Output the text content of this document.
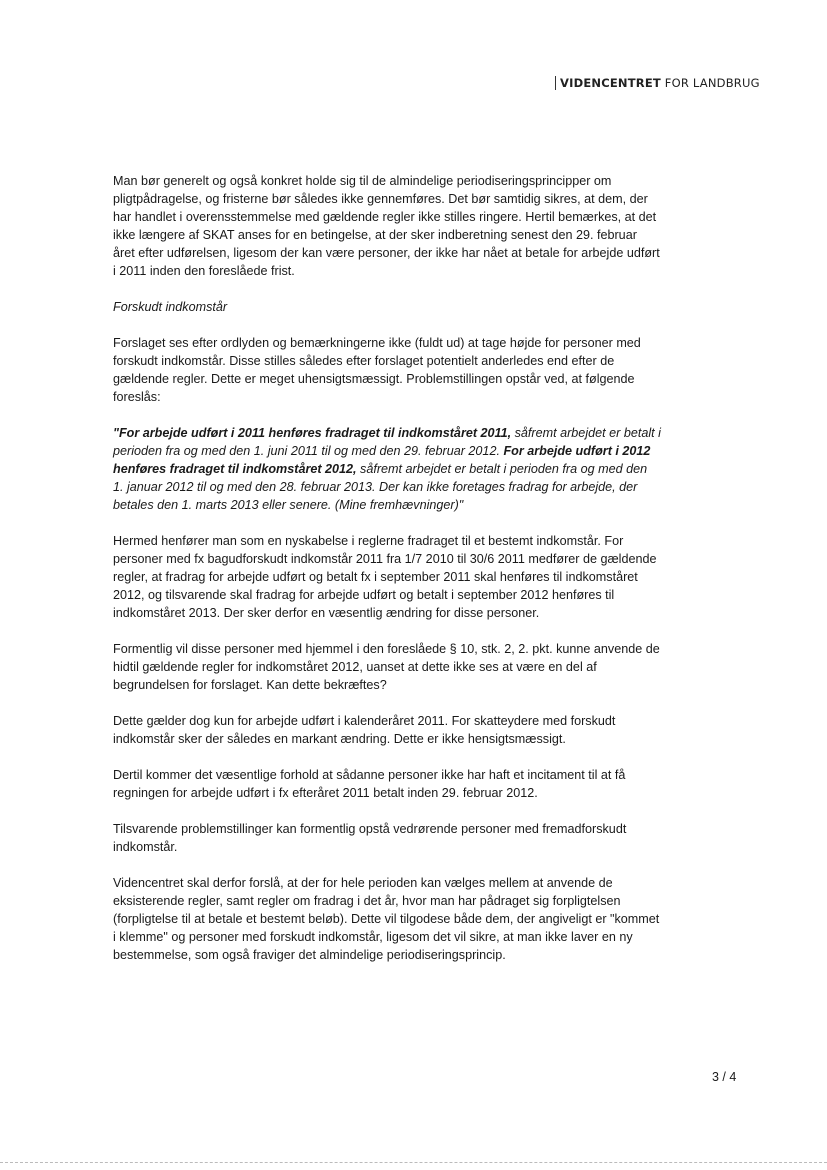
VIDENCENTRET FOR LANDBRUG

Man bør generelt og også konkret holde sig til de almindelige periodiseringsprincipper om pligtpådragelse, og fristerne bør således ikke gennemføres. Det bør samtidig sikres, at dem, der har handlet i overensstemmelse med gældende regler ikke stilles ringere. Hertil bemærkes, at det ikke længere af SKAT anses for en betingelse, at der sker indberetning senest den 29. februar året efter udførelsen, ligesom der kan være personer, der ikke har nået at betale for arbejde udført i 2011 inden den foreslåede frist.

Forskudt indkomstår

Forslaget ses efter ordlyden og bemærkningerne ikke (fuldt ud) at tage højde for personer med forskudt indkomstår. Disse stilles således efter forslaget potentielt anderledes end efter de gældende regler. Dette er meget uhensigtsmæssigt. Problemstillingen opstår ved, at følgende foreslås:

"For arbejde udført i 2011 henføres fradraget til indkomståret 2011, såfremt arbejdet er betalt i perioden fra og med den 1. juni 2011 til og med den 29. februar 2012. For arbejde udført i 2012 henføres fradraget til indkomståret 2012, såfremt arbejdet er betalt i perioden fra og med den 1. januar 2012 til og med den 28. februar 2013. Der kan ikke foretages fradrag for arbejde, der betales den 1. marts 2013 eller senere. (Mine fremhævninger)"

Hermed henfører man som en nyskabelse i reglerne fradraget til et bestemt indkomstår. For personer med fx bagudforskudt indkomstår 2011 fra 1/7 2010 til 30/6 2011 medfører de gældende regler, at fradrag for arbejde udført og betalt fx i september 2011 skal henføres til indkomståret 2012, og tilsvarende skal fradrag for arbejde udført og betalt i september 2012 henføres til indkomståret 2013. Der sker derfor en væsentlig ændring for disse personer.

Formentlig vil disse personer med hjemmel i den foreslåede § 10, stk. 2, 2. pkt. kunne anvende de hidtil gældende regler for indkomståret 2012, uanset at dette ikke ses at være en del af begrundelsen for forslaget. Kan dette bekræftes?

Dette gælder dog kun for arbejde udført i kalenderåret 2011. For skatteydere med forskudt indkomstår sker der således en markant ændring. Dette er ikke hensigtsmæssigt.

Dertil kommer det væsentlige forhold at sådanne personer ikke har haft et incitament til at få regningen for arbejde udført i fx efteråret 2011 betalt inden 29. februar 2012.

Tilsvarende problemstillinger kan formentlig opstå vedrørende personer med fremadforskudt indkomstår.

Videncentret skal derfor forslå, at der for hele perioden kan vælges mellem at anvende de eksisterende regler, samt regler om fradrag i det år, hvor man har pådraget sig forpligtelsen (forpligtelse til at betale et bestemt beløb). Dette vil tilgodese både dem, der angiveligt er "kommet i klemme" og personer med forskudt indkomstår, ligesom det vil sikre, at man ikke laver en ny bestemmelse, som også fraviger det almindelige periodiseringsprincip.

3 / 4
